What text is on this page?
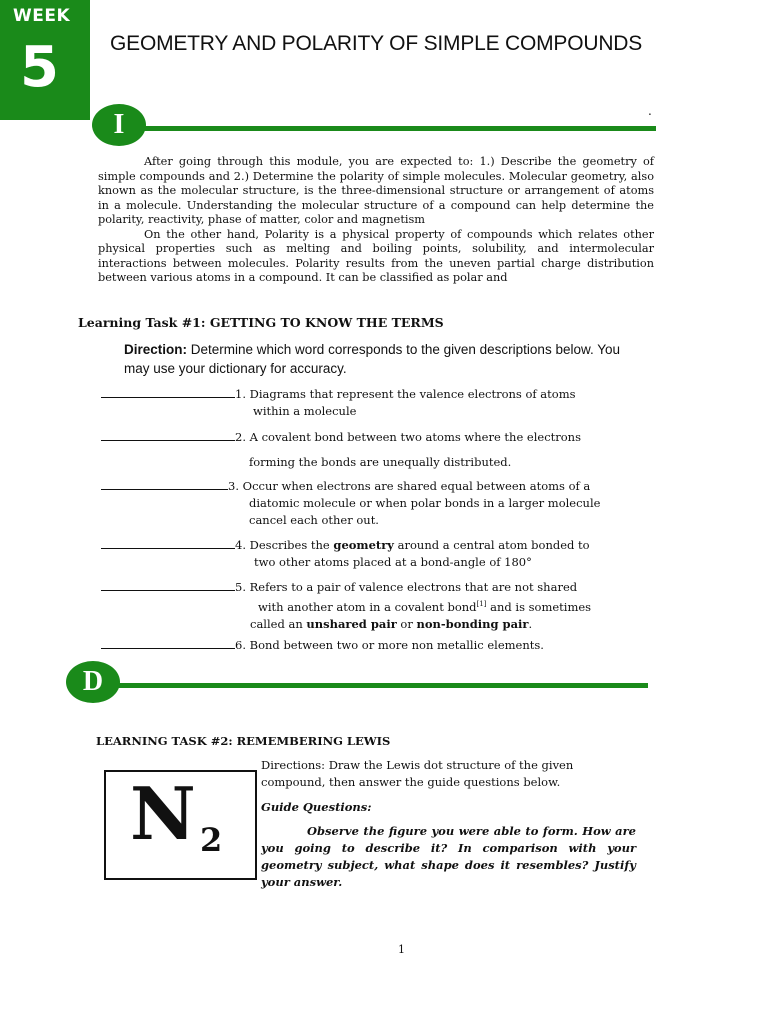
WEEK
5 GEOMETRY AND POLARITY OF SIMPLE COMPOUNDS
.
I

After going through this module, you are expected to: 1.) Describe the geometry of simple compounds and 2.) Determine the polarity of simple molecules. Molecular geometry, also known as the molecular structure, is the three-dimensional structure or arrangement of atoms in a molecule. Understanding the molecular structure of a compound can help determine the polarity, reactivity, phase of matter, color and magnetism

On the other hand, Polarity is a physical property of compounds which relates other physical properties such as melting and boiling points, solubility, and intermolecular interactions between molecules. Polarity results from the uneven partial charge distribution between various atoms in a compound. It can be classified as polar and

Learning Task #1: GETTING TO KNOW THE TERMS
Direction: Determine which word corresponds to the given descriptions below. You may use your dictionary for accuracy.
1. Diagrams that represent the valence electrons of atoms
within a molecule
2. A covalent bond between two atoms where the electrons
forming the bonds are unequally distributed.
3. Occur when electrons are shared equal between atoms of a
diatomic molecule or when polar bonds in a larger molecule
cancel each other out.
4. Describes the geometry around a central atom bonded to
two other atoms placed at a bond-angle of 180°
5. Refers to a pair of valence electrons that are not shared
with another atom in a covalent bond[1] and is sometimes
called an unshared pair or non-bonding pair.
6. Bond between two or more non metallic elements.
D
LEARNING TASK #2: REMEMBERING LEWIS
N 2
Directions: Draw the Lewis dot structure of the given compound, then answer the guide questions below.
Guide Questions:
Observe the figure you were able to form. How are you going to describe it? In comparison with your geometry subject, what shape does it resembles? Justify your answer.
1
